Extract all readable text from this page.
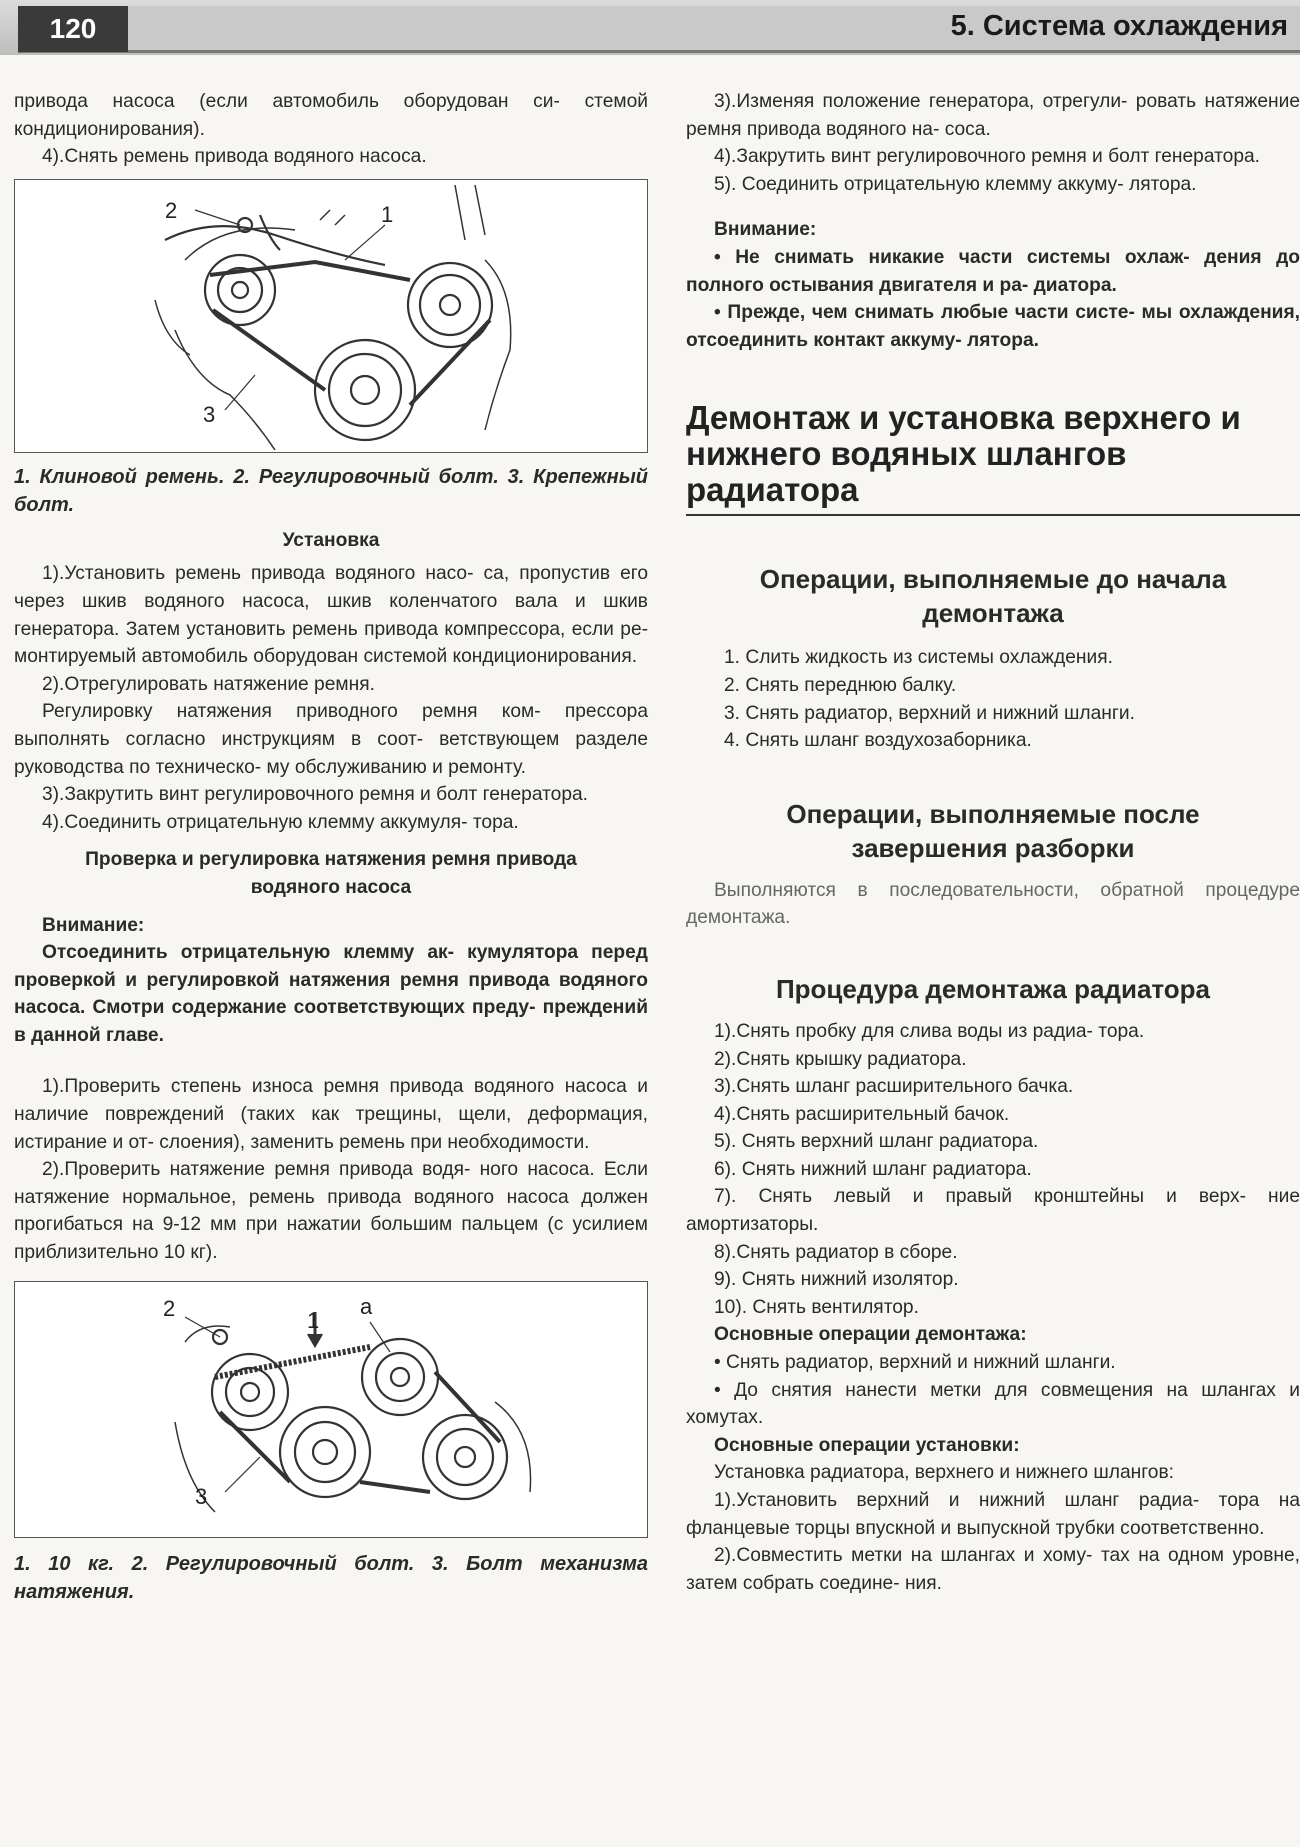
120	5. Система охлаждения

привода насоса (если автомобиль оборудован си- стемой кондиционирования).

4).Снять ремень привода водяного насоса.

2	1
3

1. Клиновой ремень. 2. Регулировочный болт. 3. Крепежный болт.

Установка

1).Установить ремень привода водяного насо- са, пропустив его через шкив водяного насоса, шкив коленчатого вала и шкив генератора. Затем установить ремень привода компрессора, если ре- монтируемый автомобиль оборудован системой кондиционирования.

2).Отрегулировать натяжение ремня.

Регулировку натяжения приводного ремня ком- прессора выполнять согласно инструкциям в соот- ветствующем разделе руководства по техническо- му обслуживанию и ремонту.

3).Закрутить винт регулировочного ремня и болт генератора.

4).Соединить отрицательную клемму аккумуля- тора.

Проверка и регулировка натяжения ремня привода водяного насоса

Внимание:

Отсоединить отрицательную клемму ак- кумулятора перед проверкой и регулировкой натяжения ремня привода водяного насоса. Смотри содержание соответствующих преду- преждений в данной главе.

1).Проверить степень износа ремня привода водяного насоса и наличие повреждений (таких как трещины, щели, деформация, истирание и от- слоения), заменить ремень при необходимости.

2).Проверить натяжение ремня привода водя- ного насоса. Если натяжение нормальное, ремень привода водяного насоса должен прогибаться на 9-12 мм при нажатии большим пальцем (с усилием приблизительно 10 кг).

2	1
a
3

1. 10 кг. 2. Регулировочный болт. 3. Болт механизма натяжения.

3).Изменяя положение генератора, отрегули- ровать натяжение ремня привода водяного на- соса.

4).Закрутить винт регулировочного ремня и болт генератора.

5). Соединить отрицательную клемму аккуму- лятора.

Внимание:

• Не снимать никакие части системы охлаж- дения до полного остывания двигателя и ра- диатора.

• Прежде, чем снимать любые части систе- мы охлаждения, отсоединить контакт аккуму- лятора.

Демонтаж и установка верхнего и нижнего водяных шлангов радиатора

Операции, выполняемые до начала демонтажа

1. Слить жидкость из системы охлаждения.
2. Снять переднюю балку.
3. Снять радиатор, верхний и нижний шланги.
4. Снять шланг воздухозаборника.

Операции, выполняемые после завершения разборки

Выполняются в последовательности, обратной процедуре демонтажа.

Процедура демонтажа радиатора

1).Снять пробку для слива воды из радиа- тора.

2).Снять крышку радиатора.

3).Снять шланг расширительного бачка.

4).Снять расширительный бачок.

5). Снять верхний шланг радиатора.

6). Снять нижний шланг радиатора.

7). Снять левый и правый кронштейны и верх- ние амортизаторы.

8).Снять радиатор в сборе.

9). Снять нижний изолятор.

10). Снять вентилятор.

Основные операции демонтажа:

• Снять радиатор, верхний и нижний шланги.

• До снятия нанести метки для совмещения на шлангах и хомутах.

Основные операции установки:

Установка радиатора, верхнего и нижнего шлангов:

1).Установить верхний и нижний шланг радиа- тора на фланцевые торцы впускной и выпускной трубки соответственно.

2).Совместить метки на шлангах и хому- тах на одном уровне, затем собрать соедине- ния.
